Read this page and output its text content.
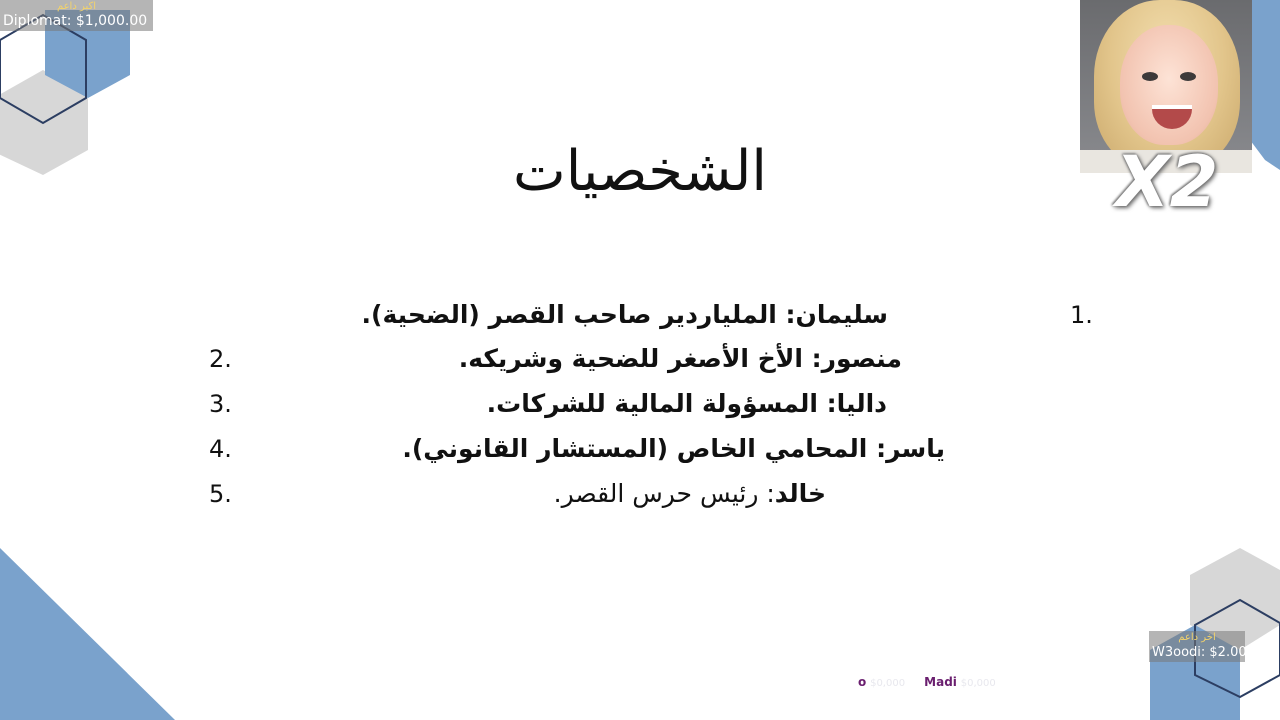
اكبر داعم
Diplomat: $1,000.00
X2
الشخصيات
1.
سليمان: الملياردير صاحب القصر (الضحية).
2.	منصور: الأخ الأصغر للضحية وشريكه.
3.	داليا: المسؤولة المالية للشركات.
4.	ياسر: المحامي الخاص (المستشار القانوني).
5.	خالد: رئيس حرس القصر.
اخر داعم
W3oodi: $2.00
o $0,000 Madi $0,000
